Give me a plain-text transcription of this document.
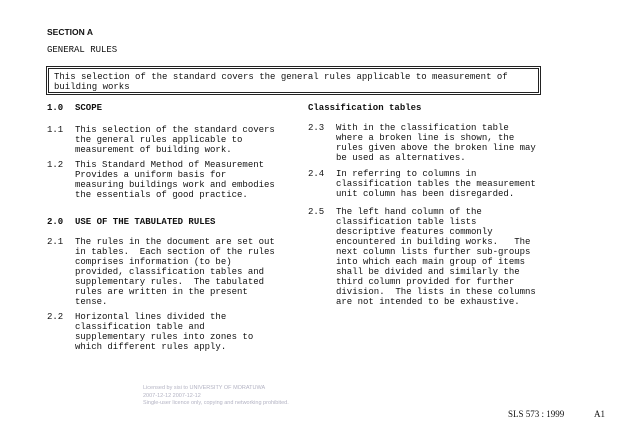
SECTION A
GENERAL RULES
This selection of the standard covers the general rules applicable to measurement of
building works
1.0 SCOPE
1.1 This selection of the standard covers
the general rules applicable to
measurement of building work.
1.2 This Standard Method of Measurement
Provides a uniform basis for
measuring buildings work and embodies
the essentials of good practice.
2.0 USE OF THE TABULATED RULES
2.1 The rules in the document are set out
in tables.  Each section of the rules
comprises information (to be)
provided, classification tables and
supplementary rules.  The tabulated
rules are written in the present
tense.
2.2 Horizontal lines divided the
classification table and
supplementary rules into zones to
which different rules apply.
Classification tables
2.3 With in the classification table
where a broken line is shown, the
rules given above the broken line may
be used as alternatives.
2.4 In referring to columns in
classification tables the measurement
unit column has been disregarded.
2.5 The left hand column of the
classification table lists
descriptive features commonly
encountered in building works.   The
next column lists further sub-groups
into which each main group of items
shall be divided and similarly the
third column provided for further
division.  The lists in these columns
are not intended to be exhaustive.
Licensed by sisi to UNIVERSITY OF MORATUWA
2007-12-12 2007-12-12
Single-user licence only, copying and networking prohibited.
SLS 573 : 1999	A1
